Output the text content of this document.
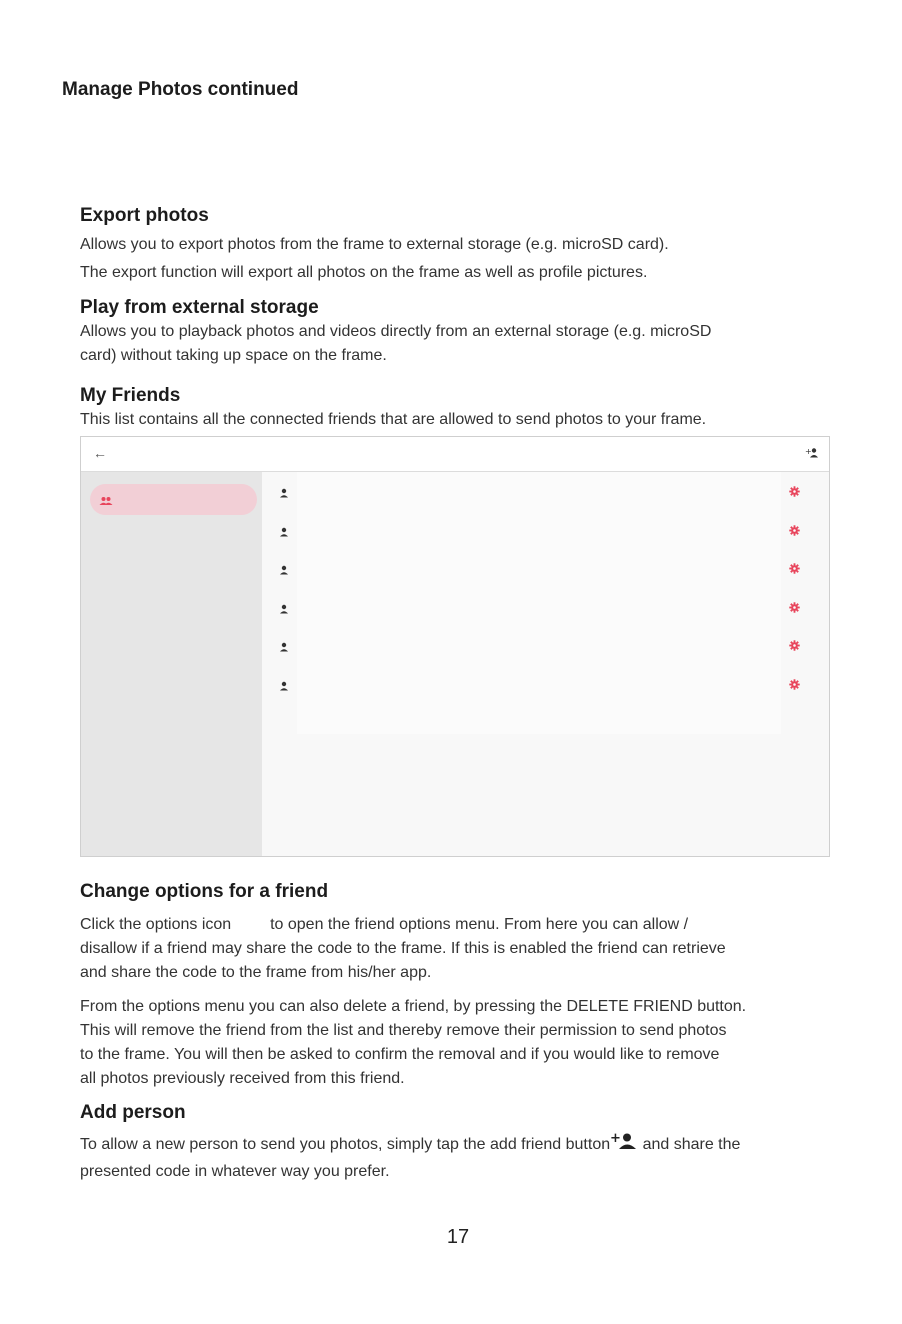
Manage Photos continued
Export photos

Allows you to export photos from the frame to external storage (e.g. microSD card).

The export function will export all photos on the frame as well as profile pictures.

Play from external storage

Allows you to playback photos and videos directly from an external storage (e.g. microSD

card) without taking up space on the frame.

My Friends

This list contains all the connected friends that are allowed to send photos to your frame.

←	+
Change options for a friend

Click the options icon to open the friend options menu. From here you can allow /

disallow if a friend may share the code to the frame. If this is enabled the friend can retrieve

and share the code to the frame from his/her app.

From the options menu you can also delete a friend, by pressing the DELETE FRIEND button.

This will remove the friend from the list and thereby remove their permission to send photos

to the frame. You will then be asked to confirm the removal and if you would like to remove

all photos previously received from this friend.

Add person

To allow a new person to send you photos, simply tap the add friend button + and share the

presented code in whatever way you prefer.

17
